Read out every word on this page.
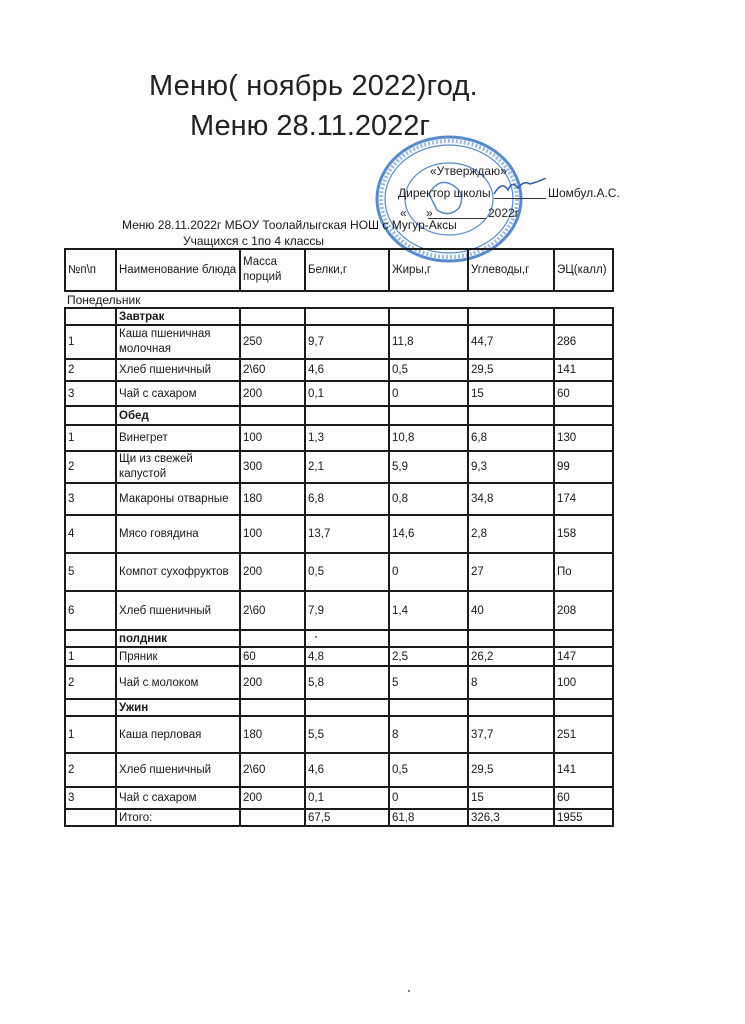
Меню( ноябрь 2022)год.
Меню 28.11.2022г
«Утверждаю»
Директор школы	Шомбул.А.С.
« »	2022г
Меню 28.11.2022г МБОУ Тоолайлыгская НОШ с Мугур-Аксы
Учащихся с 1по 4 классы
№п\п	Наименование блюда	Масса порций	Белки,г	Жиры,г	Углеводы,г	ЭЦ(калл)
Понедельник						
	Завтрак					
1	Каша пшеничная молочная	250	9,7	11,8	44,7	286
2	Хлеб пшеничный	2\60	4,6	0,5	29,5	141
3	Чай с сахаром	200	0,1	0	15	60
	Обед					
1	Винегрет	100	1,3	10,8	6,8	130
2	Щи из свежей капустой	300	2,1	5,9	9,3	99
3	Макароны отварные	180	6,8	0,8	34,8	174
4	Мясо говядина	100	13,7	14,6	2,8	158
5	Компот сухофруктов	200	0,5	0	27	По
6	Хлеб пшеничный	2\60	7,9	1,4	40	208
	полдник					
1	Пряник	60	4,8	2,5	26,2	147
2	Чай с молоком	200	5,8	5	8	100
	Ужин					
1	Каша перловая	180	5,5	8	37,7	251
2	Хлеб пшеничный	2\60	4,6	0,5	29,5	141
3	Чай с сахаром	200	0,1	0	15	60
	Итого:		67,5	61,8	326,3	1955
